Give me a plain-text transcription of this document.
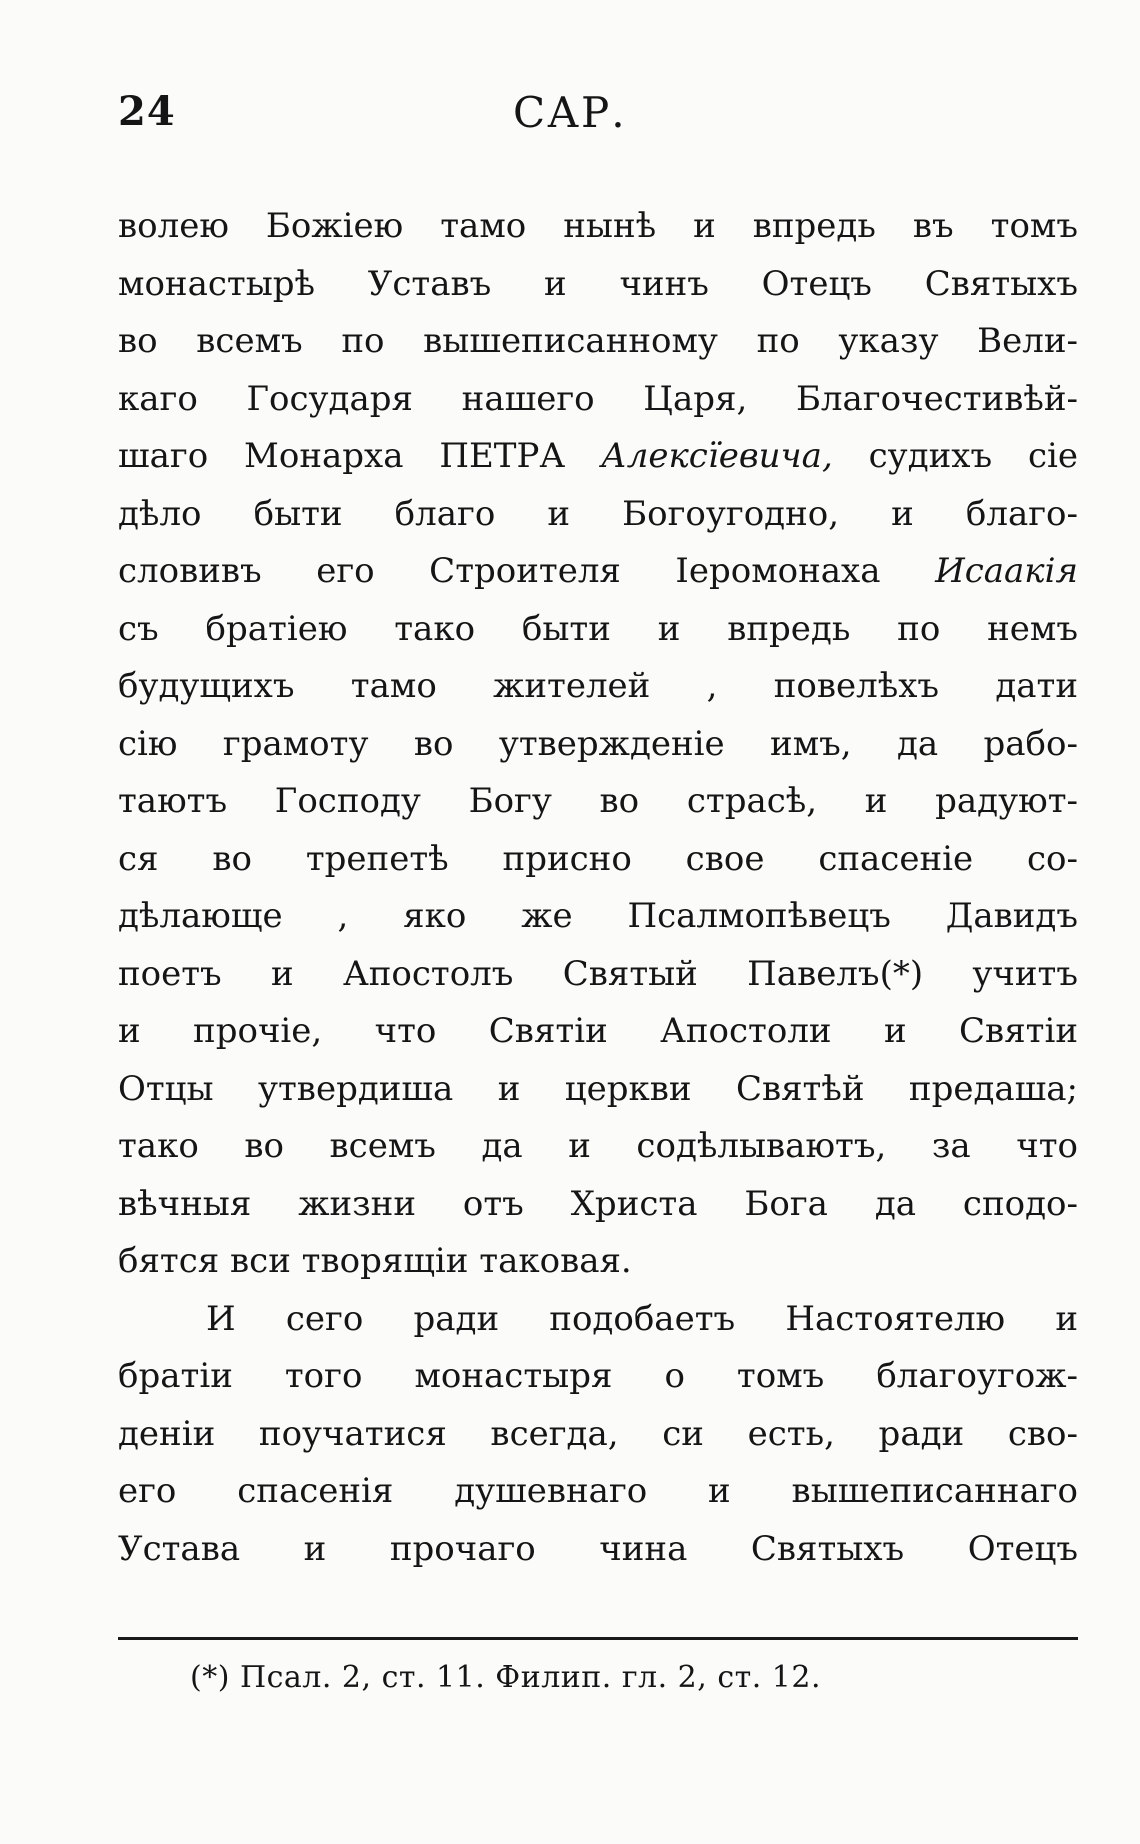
24	САР.
волею Божіею тамо нынѣ и впредь въ томъ
монастырѣ Уставъ и чинъ Отецъ Святыхъ
во всемъ по вышеписанному по указу Вели-
каго Государя нашего Царя, Благочестивѣй-
шаго Монарха ПЕТРА Алексїевича, судихъ сіе
дѣло быти благо и Богоугодно, и благо-
словивъ его Строителя Іеромонаха Исаакія
съ братіею тако быти и впредь по немъ
будущихъ тамо жителей , повелѣхъ дати
сію грамоту во утвержденіе имъ, да рабо-
таютъ Господу Богу во страсѣ, и радуют-
ся во трепетѣ присно свое спасеніе со-
дѣлающе , яко же Псалмопѣвецъ Давидъ
поетъ и Апостолъ Святый Павелъ(*) учитъ
и прочіе, что Святіи Апостоли и Святіи
Отцы утвердиша и церкви Святѣй предаша;
тако во всемъ да и содѣлываютъ, за что
вѣчныя жизни отъ Христа Бога да сподо-
бятся вси творящіи таковая.
И сего ради подобаетъ Настоятелю и
братіи того монастыря о томъ благоугож-
деніи поучатися всегда, си есть, ради сво-
его спасенія душевнаго и вышеписаннаго
Устава и прочаго чина Святыхъ Отецъ
(*) Псал. 2, ст. 11. Филип. гл. 2, ст. 12.
